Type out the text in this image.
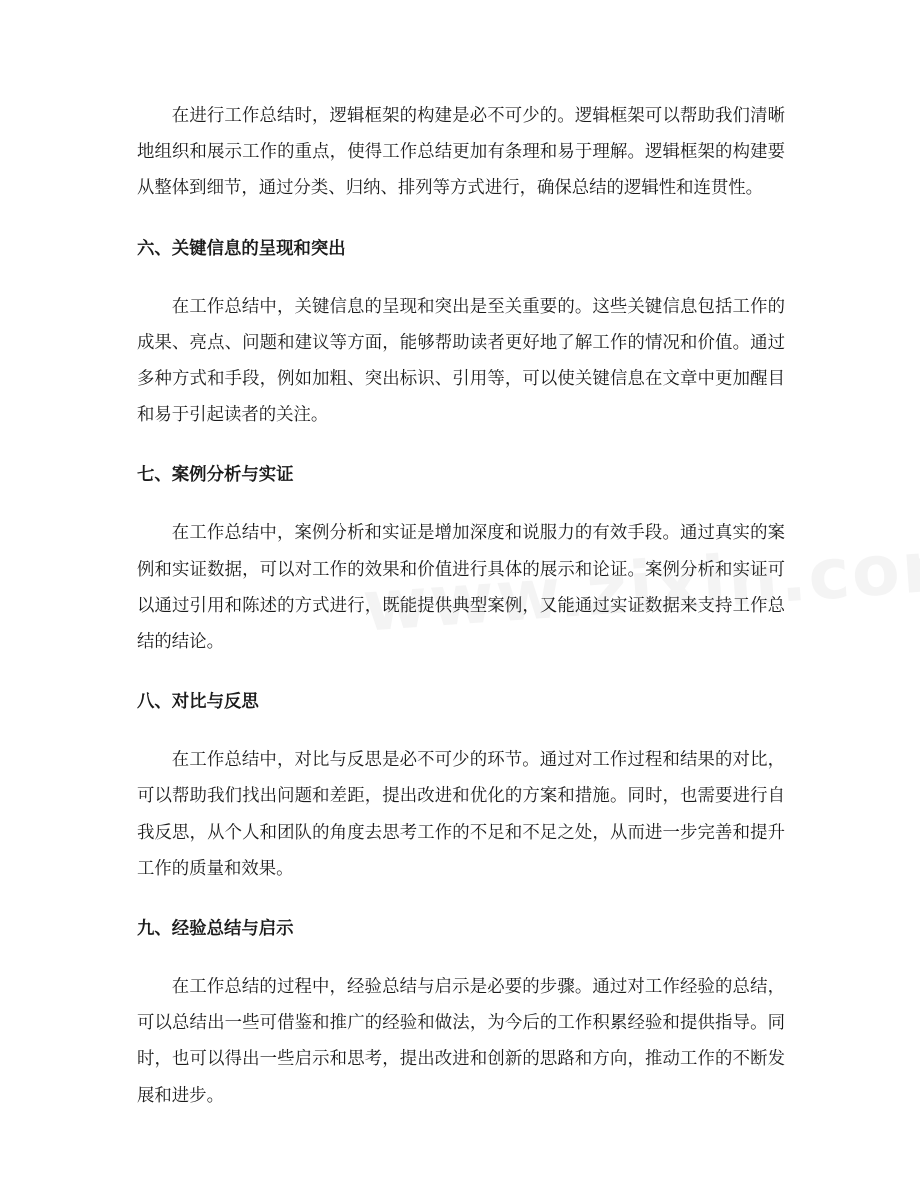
在进行工作总结时，逻辑框架的构建是必不可少的。逻辑框架可以帮助我们清晰地组织和展示工作的重点，使得工作总结更加有条理和易于理解。逻辑框架的构建要从整体到细节，通过分类、归纳、排列等方式进行，确保总结的逻辑性和连贯性。

六、关键信息的呈现和突出

在工作总结中，关键信息的呈现和突出是至关重要的。这些关键信息包括工作的成果、亮点、问题和建议等方面，能够帮助读者更好地了解工作的情况和价值。通过多种方式和手段，例如加粗、突出标识、引用等，可以使关键信息在文章中更加醒目和易于引起读者的关注。

七、案例分析与实证

在工作总结中，案例分析和实证是增加深度和说服力的有效手段。通过真实的案例和实证数据，可以对工作的效果和价值进行具体的展示和论证。案例分析和实证可以通过引用和陈述的方式进行，既能提供典型案例，又能通过实证数据来支持工作总结的结论。

八、对比与反思

在工作总结中，对比与反思是必不可少的环节。通过对工作过程和结果的对比，可以帮助我们找出问题和差距，提出改进和优化的方案和措施。同时，也需要进行自我反思，从个人和团队的角度去思考工作的不足和不足之处，从而进一步完善和提升工作的质量和效果。

九、经验总结与启示

在工作总结的过程中，经验总结与启示是必要的步骤。通过对工作经验的总结，可以总结出一些可借鉴和推广的经验和做法，为今后的工作积累经验和提供指导。同时，也可以得出一些启示和思考，提出改进和创新的思路和方向，推动工作的不断发展和进步。
